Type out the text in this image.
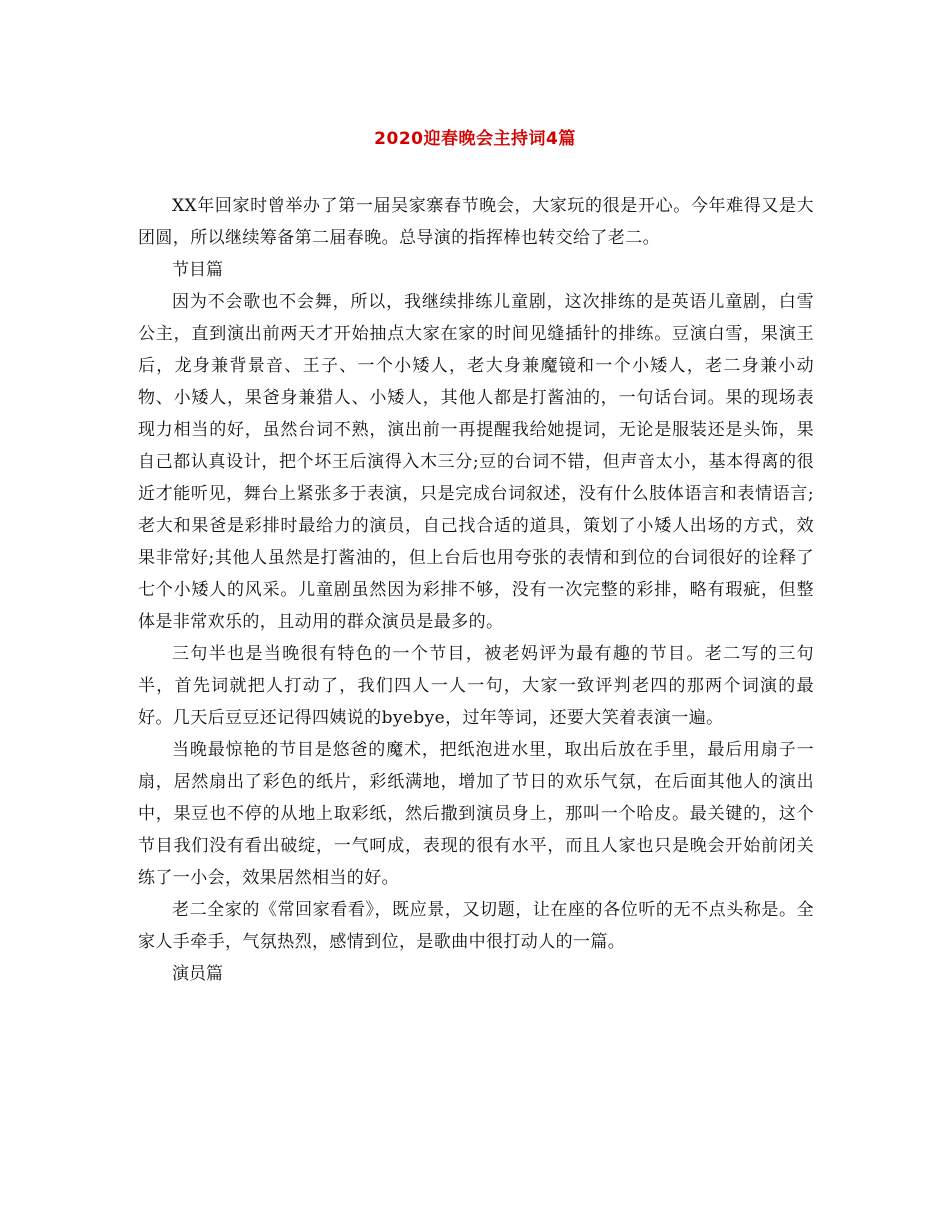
2020迎春晚会主持词4篇

XX年回家时曾举办了第一届吴家寨春节晚会，大家玩的很是开心。今年难得又是大团圆，所以继续筹备第二届春晚。总导演的指挥棒也转交给了老二。

节目篇

因为不会歌也不会舞，所以，我继续排练儿童剧，这次排练的是英语儿童剧，白雪公主，直到演出前两天才开始抽点大家在家的时间见缝插针的排练。豆演白雪，果演王后，龙身兼背景音、王子、一个小矮人，老大身兼魔镜和一个小矮人，老二身兼小动物、小矮人，果爸身兼猎人、小矮人，其他人都是打酱油的，一句话台词。果的现场表现力相当的好，虽然台词不熟，演出前一再提醒我给她提词，无论是服装还是头饰，果自己都认真设计，把个坏王后演得入木三分;豆的台词不错，但声音太小，基本得离的很近才能听见，舞台上紧张多于表演，只是完成台词叙述，没有什么肢体语言和表情语言;老大和果爸是彩排时最给力的演员，自己找合适的道具，策划了小矮人出场的方式，效果非常好;其他人虽然是打酱油的，但上台后也用夸张的表情和到位的台词很好的诠释了七个小矮人的风采。儿童剧虽然因为彩排不够，没有一次完整的彩排，略有瑕疵，但整体是非常欢乐的，且动用的群众演员是最多的。

三句半也是当晚很有特色的一个节目，被老妈评为最有趣的节目。老二写的三句半，首先词就把人打动了，我们四人一人一句，大家一致评判老四的那两个词演的最好。几天后豆豆还记得四姨说的byebye，过年等词，还要大笑着表演一遍。

当晚最惊艳的节目是悠爸的魔术，把纸泡进水里，取出后放在手里，最后用扇子一扇，居然扇出了彩色的纸片，彩纸满地，增加了节日的欢乐气氛，在后面其他人的演出中，果豆也不停的从地上取彩纸，然后撒到演员身上，那叫一个哈皮。最关键的，这个节目我们没有看出破绽，一气呵成，表现的很有水平，而且人家也只是晚会开始前闭关练了一小会，效果居然相当的好。

老二全家的《常回家看看》，既应景，又切题，让在座的各位听的无不点头称是。全家人手牵手，气氛热烈，感情到位，是歌曲中很打动人的一篇。

演员篇
